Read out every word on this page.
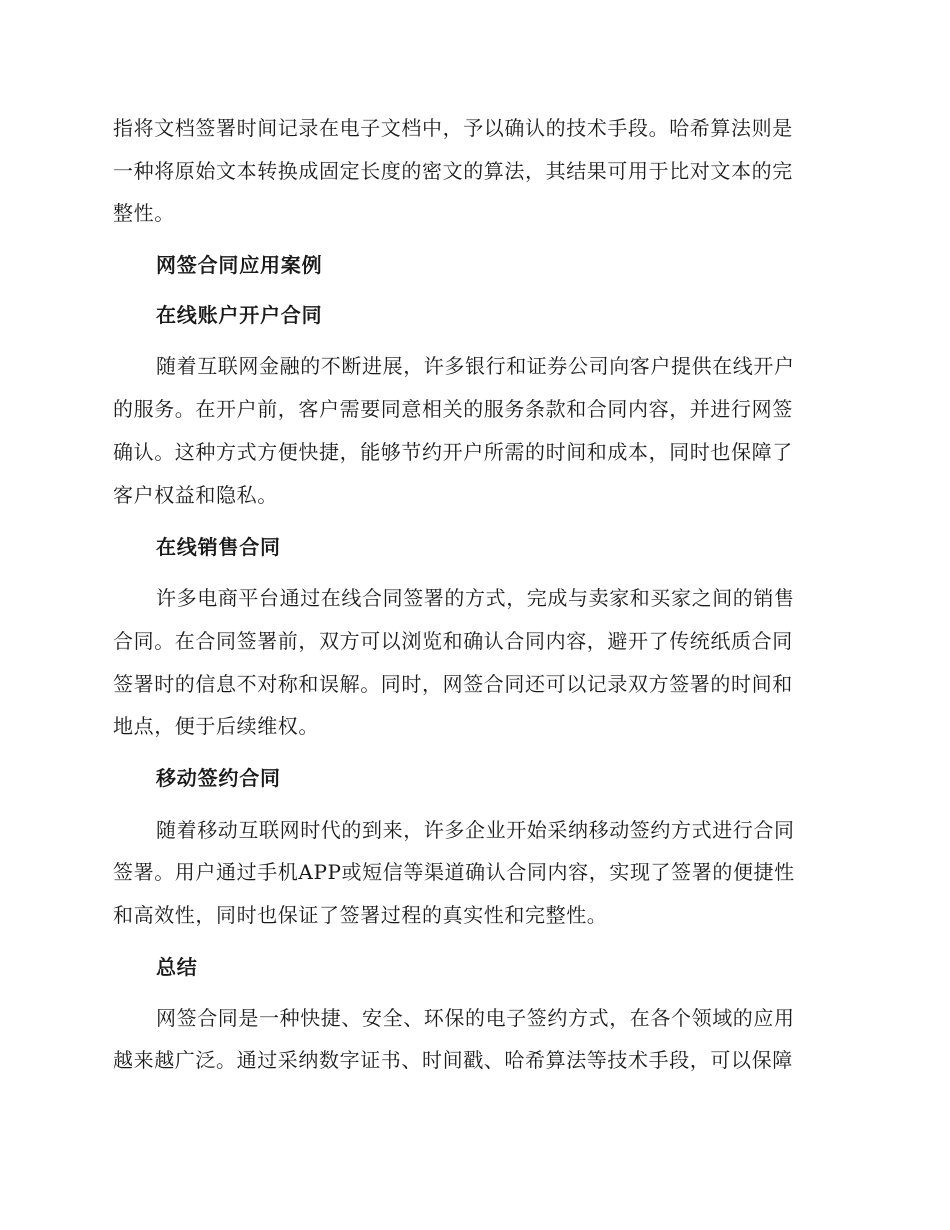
指将文档签署时间记录在电子文档中，予以确认的技术手段。哈希算法则是
一种将原始文本转换成固定长度的密文的算法，其结果可用于比对文本的完
整性。
网签合同应用案例
在线账户开户合同
随着互联网金融的不断进展，许多银行和证券公司向客户提供在线开户
的服务。在开户前，客户需要同意相关的服务条款和合同内容，并进行网签
确认。这种方式方便快捷，能够节约开户所需的时间和成本，同时也保障了
客户权益和隐私。
在线销售合同
许多电商平台通过在线合同签署的方式，完成与卖家和买家之间的销售
合同。在合同签署前，双方可以浏览和确认合同内容，避开了传统纸质合同
签署时的信息不对称和误解。同时，网签合同还可以记录双方签署的时间和
地点，便于后续维权。
移动签约合同
随着移动互联网时代的到来，许多企业开始采纳移动签约方式进行合同
签署。用户通过手机APP或短信等渠道确认合同内容，实现了签署的便捷性
和高效性，同时也保证了签署过程的真实性和完整性。
总结
网签合同是一种快捷、安全、环保的电子签约方式，在各个领域的应用
越来越广泛。通过采纳数字证书、时间戳、哈希算法等技术手段，可以保障
